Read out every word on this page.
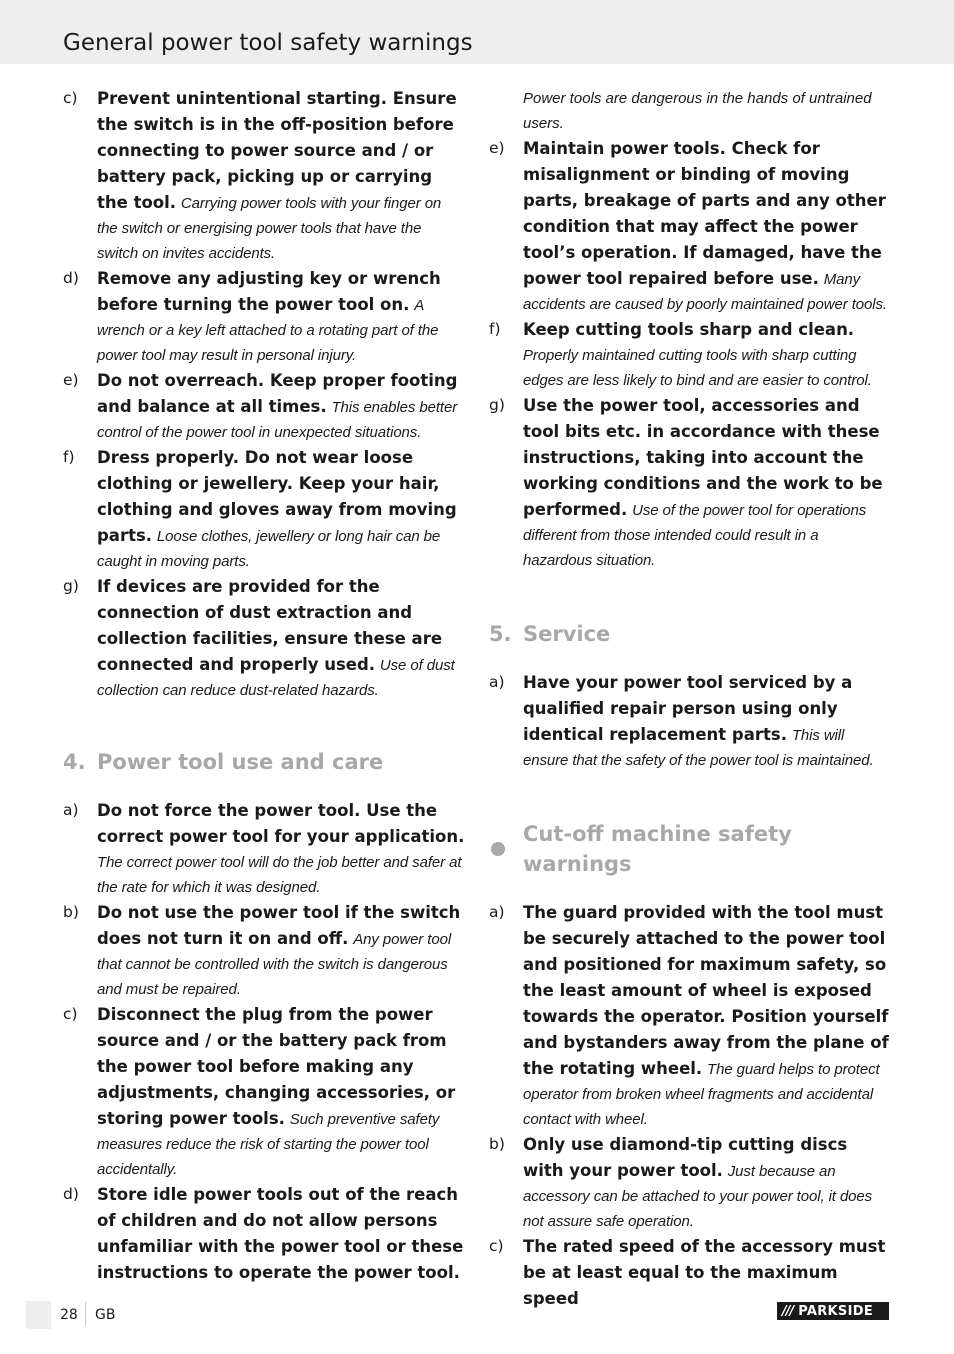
General power tool safety warnings
c)	Prevent unintentional starting. Ensure the switch is in the off-position before connecting to power source and / or battery pack, picking up or carrying the tool. Carrying power tools with your finger on the switch or energising power tools that have the switch on invites accidents.
d)	Remove any adjusting key or wrench before turning the power tool on. A wrench or a key left attached to a rotating part of the power tool may result in personal injury.
e)	Do not overreach. Keep proper footing and balance at all times. This enables better control of the power tool in unexpected situations.
f)	Dress properly. Do not wear loose clothing or jewellery. Keep your hair, clothing and gloves away from moving parts. Loose clothes, jewellery or long hair can be caught in moving parts.
g)	If devices are provided for the connection of dust extraction and collection facilities, ensure these are connected and properly used. Use of dust collection can reduce dust-related hazards.
4. Power tool use and care
a)	Do not force the power tool. Use the correct power tool for your application. The correct power tool will do the job better and safer at the rate for which it was designed.
b)	Do not use the power tool if the switch does not turn it on and off. Any power tool that cannot be controlled with the switch is dangerous and must be repaired.
c)	Disconnect the plug from the power source and / or the battery pack from the power tool before making any adjustments, changing accessories, or storing power tools. Such preventive safety measures reduce the risk of starting the power tool accidentally.
d)	Store idle power tools out of the reach of children and do not allow persons unfamiliar with the power tool or these instructions to operate the power tool.
Power tools are dangerous in the hands of untrained users.
e)	Maintain power tools. Check for misalignment or binding of moving parts, breakage of parts and any other condition that may affect the power tool’s operation. If damaged, have the power tool repaired before use. Many accidents are caused by poorly maintained power tools.
f)	Keep cutting tools sharp and clean. Properly maintained cutting tools with sharp cutting edges are less likely to bind and are easier to control.
g)	Use the power tool, accessories and tool bits etc. in accordance with these instructions, taking into account the working conditions and the work to be performed. Use of the power tool for operations different from those intended could result in a hazardous situation.
5. Service
a)	Have your power tool serviced by a qualified repair person using only identical replacement parts. This will ensure that the safety of the power tool is maintained.
Cut-off machine safety warnings
a)	The guard provided with the tool must be securely attached to the power tool and positioned for maximum safety, so the least amount of wheel is exposed towards the operator. Position yourself and bystanders away from the plane of the rotating wheel. The guard helps to protect operator from broken wheel fragments and accidental contact with wheel.
b)	Only use diamond-tip cutting discs with your power tool. Just because an accessory can be attached to your power tool, it does not assure safe operation.
c)	The rated speed of the accessory must be at least equal to the maximum speed
28 GB	/// PARKSIDE
